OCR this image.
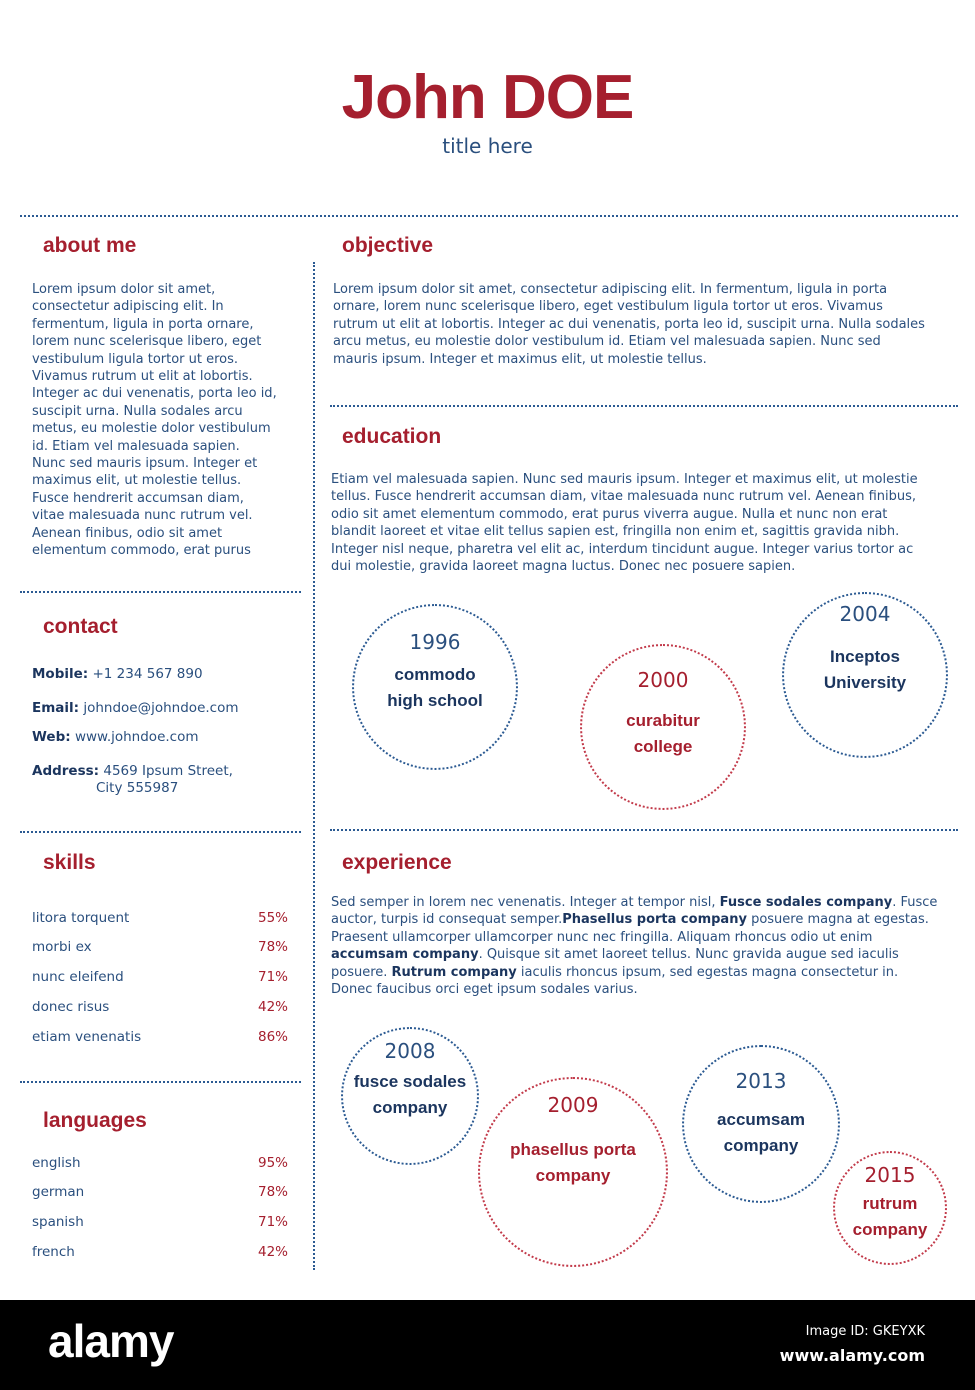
John DOE
title here
about me
Lorem ipsum dolor sit amet,
consectetur adipiscing elit. In
fermentum, ligula in porta ornare,
lorem nunc scelerisque libero, eget
vestibulum ligula tortor ut eros.
Vivamus rutrum ut elit at lobortis.
Integer ac dui venenatis, porta leo id,
suscipit urna. Nulla sodales arcu
metus, eu molestie dolor vestibulum
id. Etiam vel malesuada sapien.
Nunc sed mauris ipsum. Integer et
maximus elit, ut molestie tellus.
Fusce hendrerit accumsan diam,
vitae malesuada nunc rutrum vel.
Aenean finibus, odio sit amet
elementum commodo, erat purus
contact
Mobile: +1 234 567 890
Email: johndoe@johndoe.com
Web: www.johndoe.com
Address: 4569 Ipsum Street,
City 555987
skills
litora torquent	55%
morbi ex	78%
nunc eleifend	71%
donec risus	42%
etiam venenatis	86%
languages
english	95%
german	78%
spanish	71%
french	42%
objective
Lorem ipsum dolor sit amet, consectetur adipiscing elit. In fermentum, ligula in porta
ornare, lorem nunc scelerisque libero, eget vestibulum ligula tortor ut eros. Vivamus
rutrum ut elit at lobortis. Integer ac dui venenatis, porta leo id, suscipit urna. Nulla sodales
arcu metus, eu molestie dolor vestibulum id. Etiam vel malesuada sapien. Nunc sed
mauris ipsum. Integer et maximus elit, ut molestie tellus.
education
Etiam vel malesuada sapien. Nunc sed mauris ipsum. Integer et maximus elit, ut molestie
tellus. Fusce hendrerit accumsan diam, vitae malesuada nunc rutrum vel. Aenean finibus,
odio sit amet elementum commodo, erat purus viverra augue. Nulla et nunc non erat
blandit laoreet et vitae elit tellus sapien est, fringilla non enim et, sagittis gravida nibh.
Integer nisl neque, pharetra vel elit ac, interdum tincidunt augue. Integer varius tortor ac
dui molestie, gravida laoreet magna luctus. Donec nec posuere sapien.
1996
commodo
high school
2000
curabitur
college
2004
Inceptos
University
experience
Sed semper in lorem nec venenatis. Integer at tempor nisl, Fusce sodales company. Fusce
auctor, turpis id consequat semper.Phasellus porta company posuere magna at egestas.
Praesent ullamcorper ullamcorper nunc nec fringilla. Aliquam rhoncus odio ut enim
accumsam company. Quisque sit amet laoreet tellus. Nunc gravida augue sed iaculis
posuere. Rutrum company iaculis rhoncus ipsum, sed egestas magna consectetur in.
Donec faucibus orci eget ipsum sodales varius.
2008
fusce sodales
company	2009
phasellus porta
company
2013
accumsam
company
2015
rutrum
company
alamy	Image ID: GKEYXK
www.alamy.com
